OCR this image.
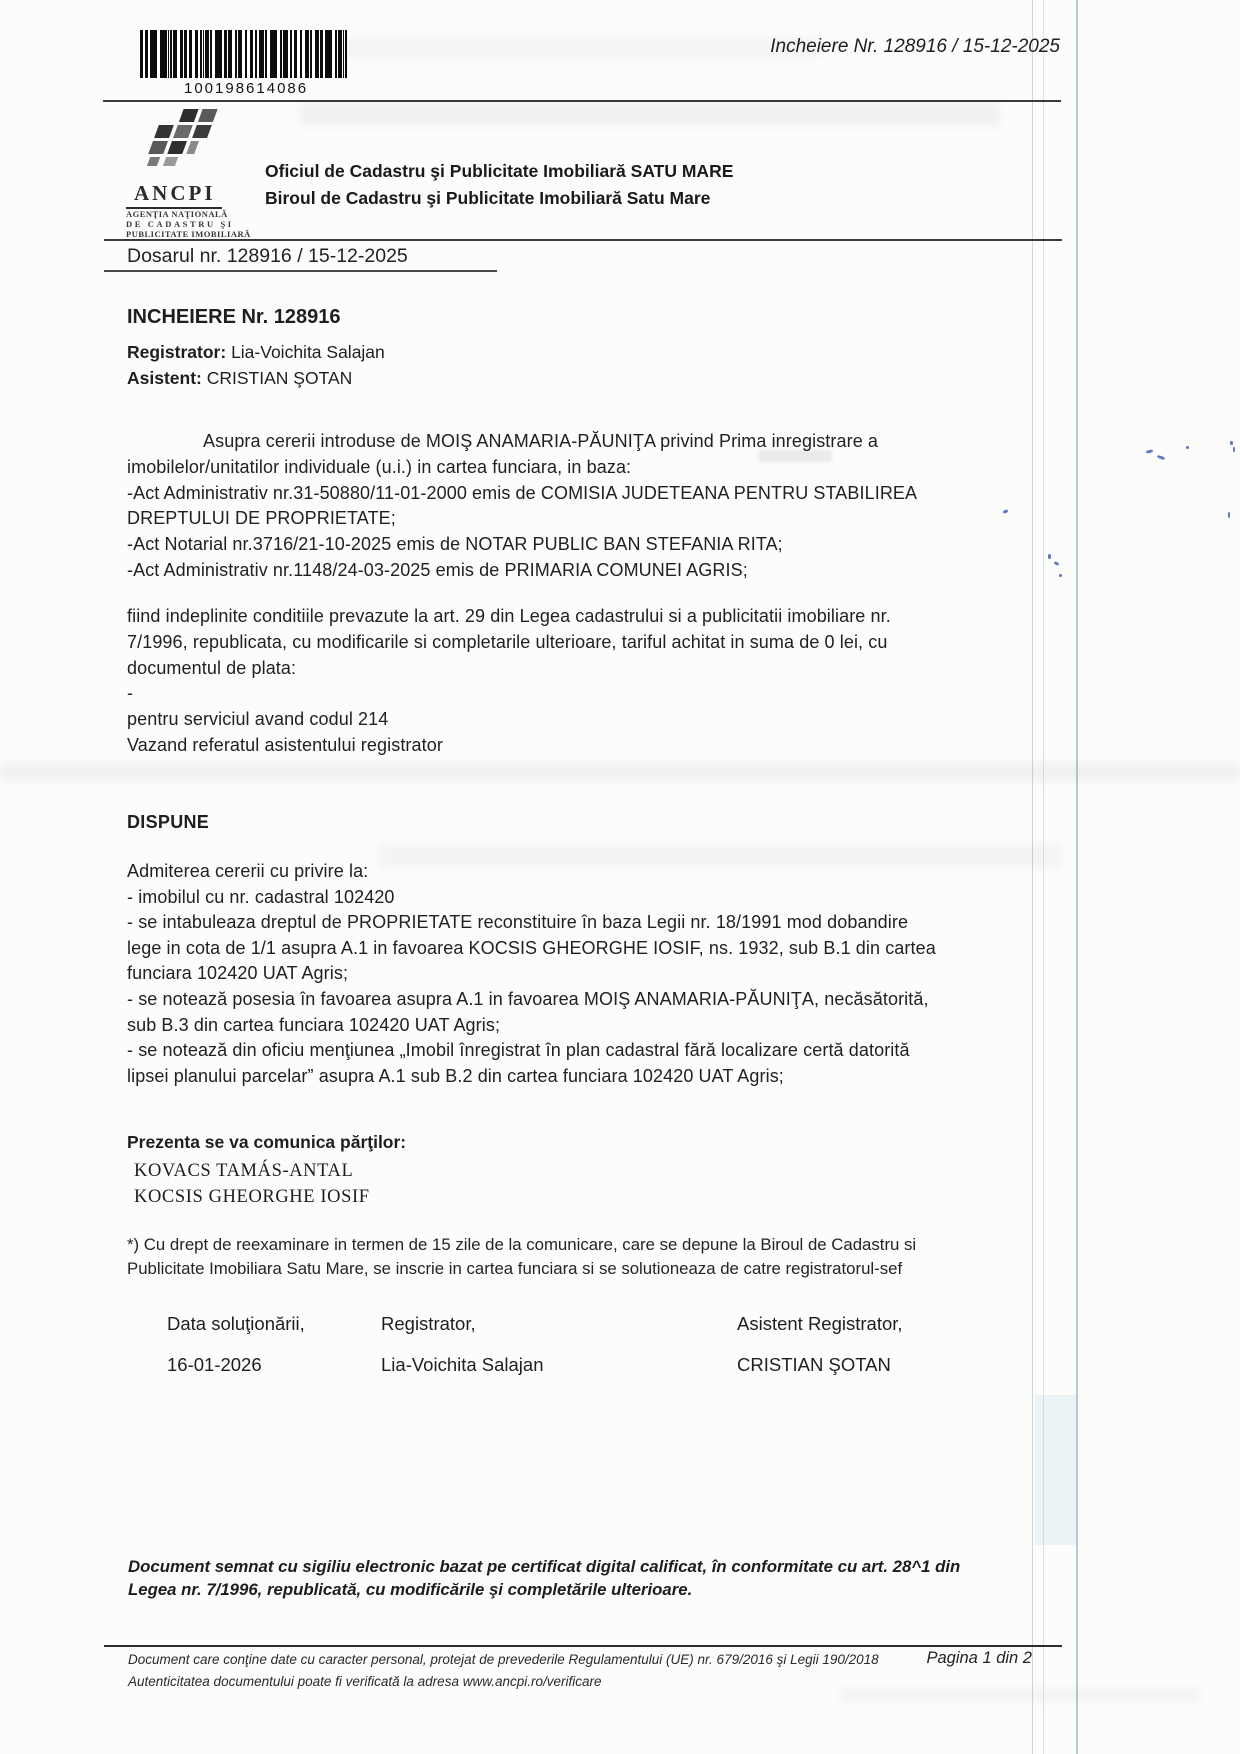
100198614086
Incheiere Nr. 128916 / 15-12-2025
ANCPI
AGENŢIA NAŢIONALĂ
DE CADASTRU ŞI
PUBLICITATE IMOBILIARĂ
Oficiul de Cadastru şi Publicitate Imobiliară SATU MARE
Biroul de Cadastru şi Publicitate Imobiliară Satu Mare
Dosarul nr. 128916 / 15-12-2025
INCHEIERE Nr. 128916
Registrator: Lia-Voichita Salajan
Asistent: CRISTIAN ŞOTAN
Asupra cererii introduse de MOIŞ ANAMARIA-PĂUNIŢA privind Prima inregistrare a
imobilelor/unitatilor individuale (u.i.) in cartea funciara, in baza:
-Act Administrativ nr.31-50880/11-01-2000 emis de COMISIA JUDETEANA PENTRU STABILIREA
DREPTULUI DE PROPRIETATE;
-Act Notarial nr.3716/21-10-2025 emis de NOTAR PUBLIC BAN STEFANIA RITA;
-Act Administrativ nr.1148/24-03-2025 emis de PRIMARIA COMUNEI AGRIS;
fiind indeplinite conditiile prevazute la art. 29 din Legea cadastrului si a publicitatii imobiliare nr.
7/1996, republicata, cu modificarile si completarile ulterioare, tariful achitat in suma de 0 lei, cu
documentul de plata:
-
pentru serviciul avand codul 214
Vazand referatul asistentului registrator
DISPUNE
Admiterea cererii cu privire la:
- imobilul cu nr. cadastral 102420
- se intabuleaza dreptul de PROPRIETATE reconstituire în baza Legii nr. 18/1991 mod dobandire
lege in cota de 1/1 asupra A.1 in favoarea KOCSIS GHEORGHE IOSIF, ns. 1932, sub B.1 din cartea
funciara 102420 UAT Agris;
- se notează posesia în favoarea asupra A.1 in favoarea MOIŞ ANAMARIA-PĂUNIŢA, necăsătorită,
sub B.3 din cartea funciara 102420 UAT Agris;
- se notează din oficiu menţiunea „Imobil înregistrat în plan cadastral fără localizare certă datorită
lipsei planului parcelar” asupra A.1 sub B.2 din cartea funciara 102420 UAT Agris;
Prezenta se va comunica părţilor:
KOVACS TAMÁS-ANTAL
KOCSIS GHEORGHE IOSIF
*) Cu drept de reexaminare in termen de 15 zile de la comunicare, care se depune la Biroul de Cadastru si
Publicitate Imobiliara Satu Mare, se inscrie in cartea funciara si se solutioneaza de catre registratorul-sef
Data soluţionării,
16-01-2026
Registrator,
Lia-Voichita Salajan
Asistent Registrator,
CRISTIAN ŞOTAN
Document semnat cu sigiliu electronic bazat pe certificat digital calificat, în conformitate cu art. 28^1 din
Legea nr. 7/1996, republicată, cu modificările şi completările ulterioare.
Document care conţine date cu caracter personal, protejat de prevederile Regulamentului (UE) nr. 679/2016 şi Legii 190/2018	Pagina 1 din 2
Autenticitatea documentului poate fi verificată la adresa www.ancpi.ro/verificare
